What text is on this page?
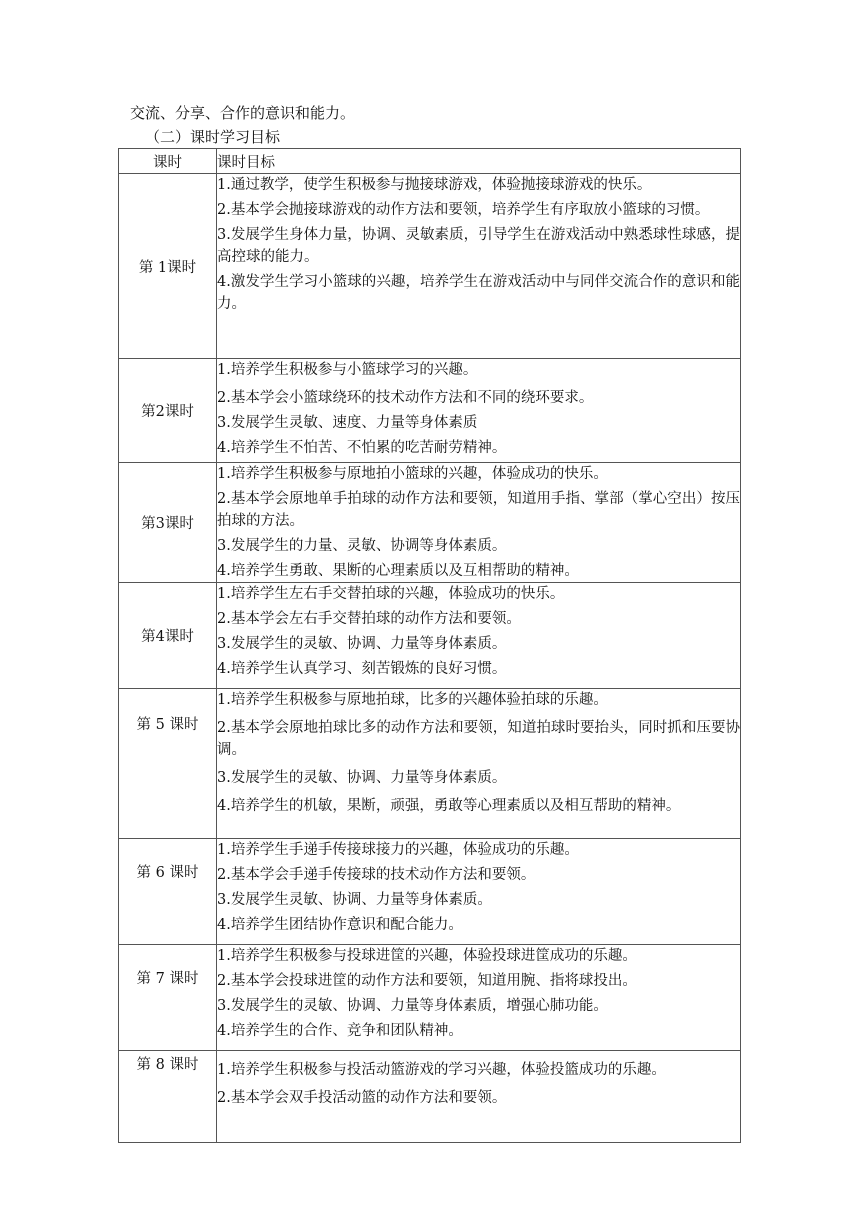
交流、分享、合作的意识和能力。
（二）课时学习目标
课时	课时目标
第 1课时	1.通过教学，使学生积极参与抛接球游戏，体验抛接球游戏的快乐。
2.基本学会抛接球游戏的动作方法和要领，培养学生有序取放小篮球的习惯。
3.发展学生身体力量，协调、灵敏素质，引导学生在游戏活动中熟悉球性球感，提高控球的能力。
4.激发学生学习小篮球的兴趣，培养学生在游戏活动中与同伴交流合作的意识和能力。

第2课时	1.培养学生积极参与小篮球学习的兴趣。
2.基本学会小篮球绕环的技术动作方法和不同的绕环要求。
3.发展学生灵敏、速度、力量等身体素质
4.培养学生不怕苦、不怕累的吃苦耐劳精神。

第3课时	1.培养学生积极参与原地拍小篮球的兴趣，体验成功的快乐。
2.基本学会原地单手拍球的动作方法和要领，知道用手指、掌部（掌心空出）按压拍球的方法。
3.发展学生的力量、灵敏、协调等身体素质。
4.培养学生勇敢、果断的心理素质以及互相帮助的精神。

第4课时	1.培养学生左右手交替拍球的兴趣，体验成功的快乐。
2.基本学会左右手交替拍球的动作方法和要领。
3.发展学生的灵敏、协调、力量等身体素质。
4.培养学生认真学习、刻苦锻炼的良好习惯。

第 5 课时	1.培养学生积极参与原地拍球，比多的兴趣体验拍球的乐趣。
2.基本学会原地拍球比多的动作方法和要领，知道拍球时要抬头，同时抓和压要协调。
3.发展学生的灵敏、协调、力量等身体素质。
4.培养学生的机敏，果断，顽强，勇敢等心理素质以及相互帮助的精神。

第 6 课时	1.培养学生手递手传接球接力的兴趣，体验成功的乐趣。
2.基本学会手递手传接球的技术动作方法和要领。
3.发展学生灵敏、协调、力量等身体素质。
4.培养学生团结协作意识和配合能力。

第 7 课时	1.培养学生积极参与投球进筐的兴趣，体验投球进筐成功的乐趣。
2.基本学会投球进筐的动作方法和要领，知道用腕、指将球投出。
3.发展学生的灵敏、协调、力量等身体素质，增强心肺功能。
4.培养学生的合作、竞争和团队精神。

第 8 课时	1.培养学生积极参与投活动篮游戏的学习兴趣，体验投篮成功的乐趣。
2.基本学会双手投活动篮的动作方法和要领。
